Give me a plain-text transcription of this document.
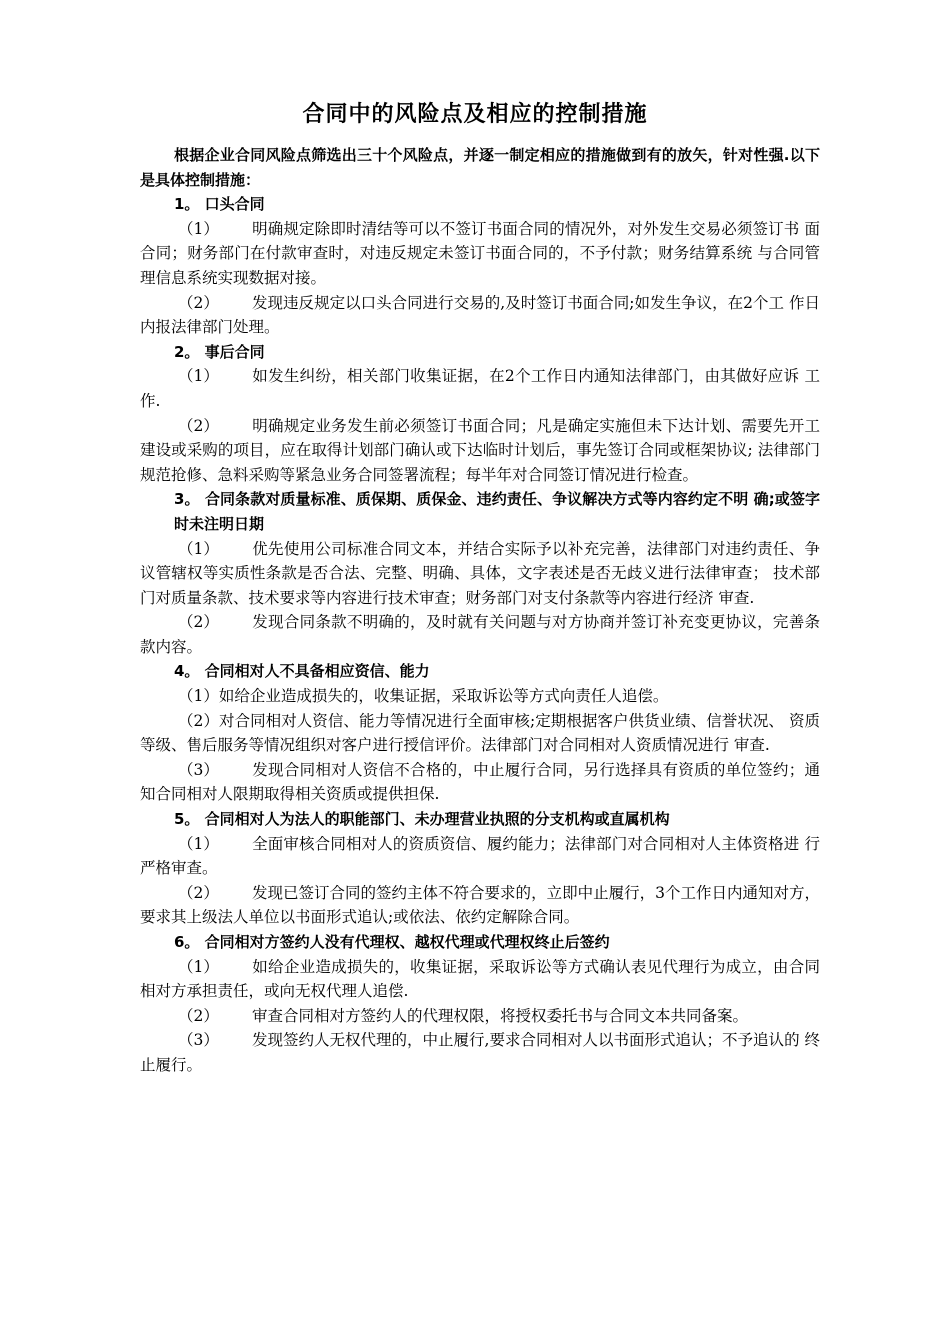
合同中的风险点及相应的控制措施

根据企业合同风险点筛选出三十个风险点，并逐一制定相应的措施做到有的放矢，针对性强.以下是具体控制措施：

1。 口头合同

（1） 明确规定除即时清结等可以不签订书面合同的情况外，对外发生交易必须签订书 面合同；财务部门在付款审查时，对违反规定未签订书面合同的，不予付款；财务结算系统 与合同管理信息系统实现数据对接。

（2） 发现违反规定以口头合同进行交易的,及时签订书面合同;如发生争议，在2个工 作日内报法律部门处理。

2。 事后合同

（1） 如发生纠纷，相关部门收集证据，在2个工作日内通知法律部门，由其做好应诉 工作.

（2） 明确规定业务发生前必须签订书面合同；凡是确定实施但未下达计划、需要先开工 建设或采购的项目，应在取得计划部门确认或下达临时计划后，事先签订合同或框架协议; 法律部门规范抢修、急料采购等紧急业务合同签署流程；每半年对合同签订情况进行检查。

3。 合同条款对质量标准、质保期、质保金、违约责任、争议解决方式等内容约定不明 确;或签字时未注明日期

（1） 优先使用公司标准合同文本，并结合实际予以补充完善，法律部门对违约责任、争 议管辖权等实质性条款是否合法、完整、明确、具体，文字表述是否无歧义进行法律审查； 技术部门对质量条款、技术要求等内容进行技术审查；财务部门对支付条款等内容进行经济 审查.

（2） 发现合同条款不明确的，及时就有关问题与对方协商并签订补充变更协议，完善条 款内容。

4。 合同相对人不具备相应资信、能力

（1）如给企业造成损失的，收集证据，采取诉讼等方式向责任人追偿。

（2）对合同相对人资信、能力等情况进行全面审核;定期根据客户供货业绩、信誉状况、 资质等级、售后服务等情况组织对客户进行授信评价。法律部门对合同相对人资质情况进行 审查.

（3） 发现合同相对人资信不合格的，中止履行合同，另行选择具有资质的单位签约；通 知合同相对人限期取得相关资质或提供担保.

5。 合同相对人为法人的职能部门、未办理营业执照的分支机构或直属机构

（1） 全面审核合同相对人的资质资信、履约能力；法律部门对合同相对人主体资格进 行严格审查。

（2） 发现已签订合同的签约主体不符合要求的，立即中止履行，3个工作日内通知对方， 要求其上级法人单位以书面形式追认;或依法、依约定解除合同。

6。 合同相对方签约人没有代理权、越权代理或代理权终止后签约

（1） 如给企业造成损失的，收集证据，采取诉讼等方式确认表见代理行为成立，由合同 相对方承担责任，或向无权代理人追偿.

（2） 审查合同相对方签约人的代理权限，将授权委托书与合同文本共同备案。

（3） 发现签约人无权代理的，中止履行,要求合同相对人以书面形式追认；不予追认的 终止履行。
